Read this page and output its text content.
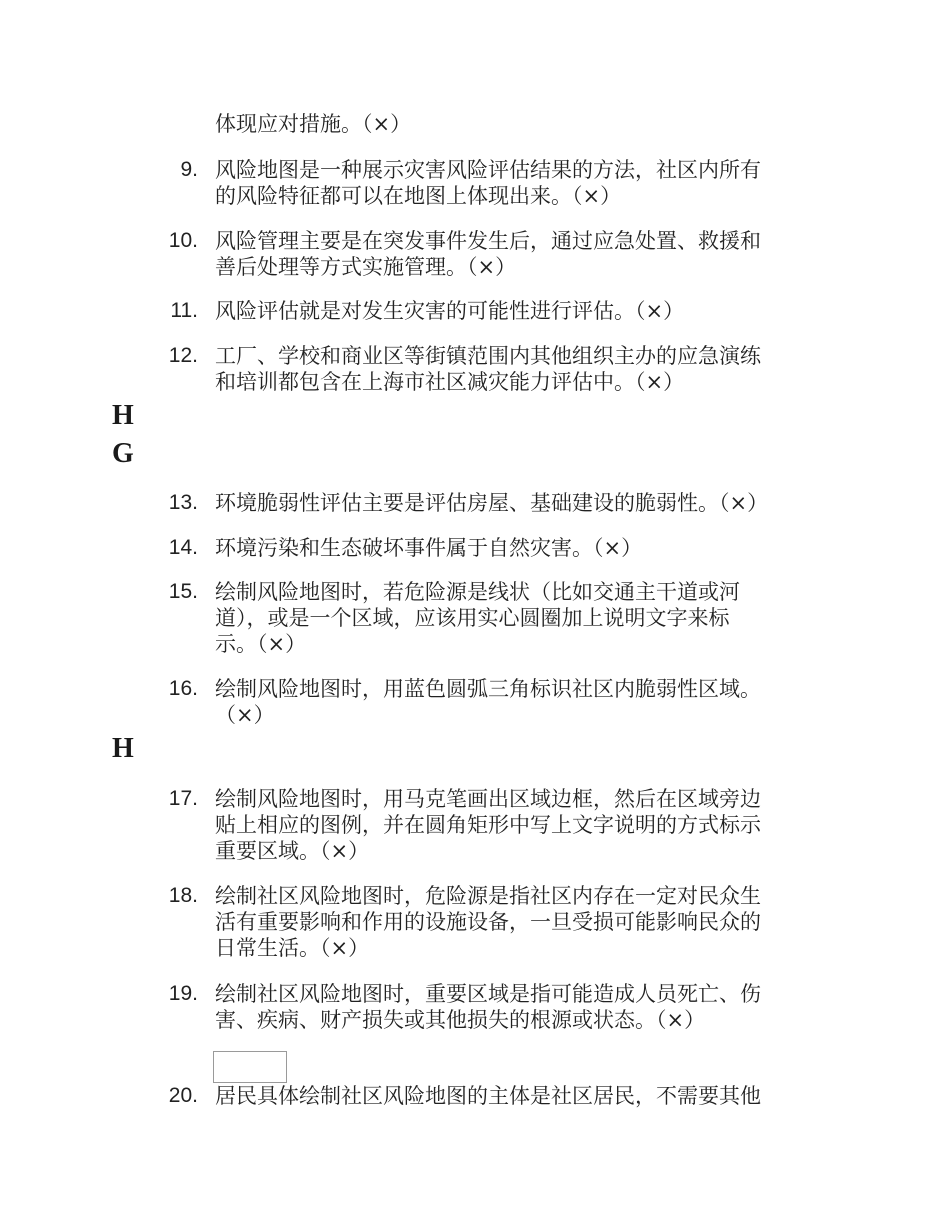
体现应对措施。（×）
9. 风险地图是一种展示灾害风险评估结果的方法，社区内所有
的风险特征都可以在地图上体现出来。（×）
10. 风险管理主要是在突发事件发生后，通过应急处置、救援和
善后处理等方式实施管理。（×）
11. 风险评估就是对发生灾害的可能性进行评估。（×）
12. 工厂、学校和商业区等街镇范围内其他组织主办的应急演练
和培训都包含在上海市社区减灾能力评估中。（×）
H
G
13. 环境脆弱性评估主要是评估房屋、基础建设的脆弱性。（×）
14. 环境污染和生态破坏事件属于自然灾害。（×）
15. 绘制风险地图时，若危险源是线状（比如交通主干道或河
道），或是一个区域，应该用实心圆圈加上说明文字来标
示。（×）
16. 绘制风险地图时，用蓝色圆弧三角标识社区内脆弱性区域。
（×）
H
17. 绘制风险地图时，用马克笔画出区域边框，然后在区域旁边
贴上相应的图例，并在圆角矩形中写上文字说明的方式标示
重要区域。（×）
18. 绘制社区风险地图时，危险源是指社区内存在一定对民众生
活有重要影响和作用的设施设备，一旦受损可能影响民众的
日常生活。（×）
19. 绘制社区风险地图时，重要区域是指可能造成人员死亡、伤
害、疾病、财产损失或其他损失的根源或状态。（×）
20. 居民具体绘制社区风险地图的主体是社区居民，不需要其他
